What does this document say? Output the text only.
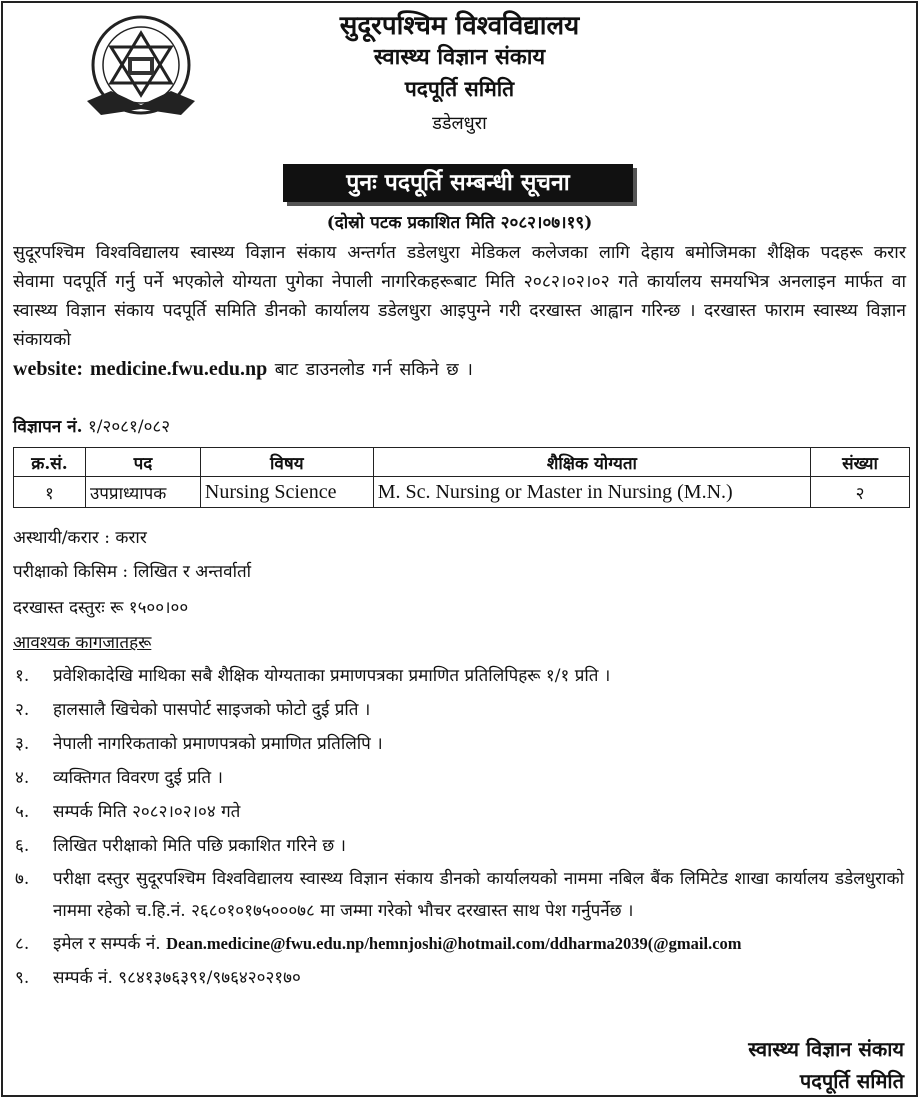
सुदूरपश्चिम विश्वविद्यालय
स्वास्थ्य विज्ञान संकाय
पदपूर्ति समिति
डडेलधुरा
पुनः पदपूर्ति सम्बन्धी सूचना
(दोस्रो पटक प्रकाशित मिति २०८२।०७।१९)
सुदूरपश्चिम विश्वविद्यालय स्वास्थ्य विज्ञान संकाय अन्तर्गत डडेलधुरा मेडिकल कलेजका लागि देहाय बमोजिमका शैक्षिक पदहरू करार सेवामा पदपूर्ति गर्नु पर्ने भएकोले योग्यता पुगेका नेपाली नागरिकहरूबाट मिति २०८२।०२।०२ गते कार्यालय समयभित्र अनलाइन मार्फत वा स्वास्थ्य विज्ञान संकाय पदपूर्ति समिति डीनको कार्यालय डडेलधुरा आइपुग्ने गरी दरखास्त आह्वान गरिन्छ । दरखास्त फाराम स्वास्थ्य विज्ञान संकायको
website: medicine.fwu.edu.np बाट डाउनलोड गर्न सकिने छ ।
विज्ञापन नं. १/२०८१/०८२
क्र.सं.	पद	विषय	शैक्षिक योग्यता	संख्या
१	उपप्राध्यापक	Nursing Science	M. Sc. Nursing or Master in Nursing (M.N.)	२
अस्थायी/करार : करार
परीक्षाको किसिम : लिखित र अन्तर्वार्ता
दरखास्त दस्तुरः रू १५००।००
आवश्यक कागजातहरू
१. प्रवेशिकादेखि माथिका सबै शैक्षिक योग्यताका प्रमाणपत्रका प्रमाणित प्रतिलिपिहरू १/१ प्रति ।
२. हालसालै खिचेको पासपोर्ट साइजको फोटो दुई प्रति ।
३. नेपाली नागरिकताको प्रमाणपत्रको प्रमाणित प्रतिलिपि ।
४. व्यक्तिगत विवरण दुई प्रति ।
५. सम्पर्क मिति २०८२।०२।०४ गते
६. लिखित परीक्षाको मिति पछि प्रकाशित गरिने छ ।
७. परीक्षा दस्तुर सुदूरपश्चिम विश्वविद्यालय स्वास्थ्य विज्ञान संकाय डीनको कार्यालयको नाममा नबिल बैंक लिमिटेड शाखा कार्यालय डडेलधुराको नाममा रहेको च.हि.नं. २६८०१०१७५०००७८ मा जम्मा गरेको भौचर दरखास्त साथ पेश गर्नुपर्नेछ ।
८. इमेल र सम्पर्क नं. Dean.medicine@fwu.edu.np/hemnjoshi@hotmail.com/ddharma2039(@gmail.com
९. सम्पर्क नं. ९८४१३७६३९१/९७६४२०२१७०
स्वास्थ्य विज्ञान संकाय
पदपूर्ति समिति
